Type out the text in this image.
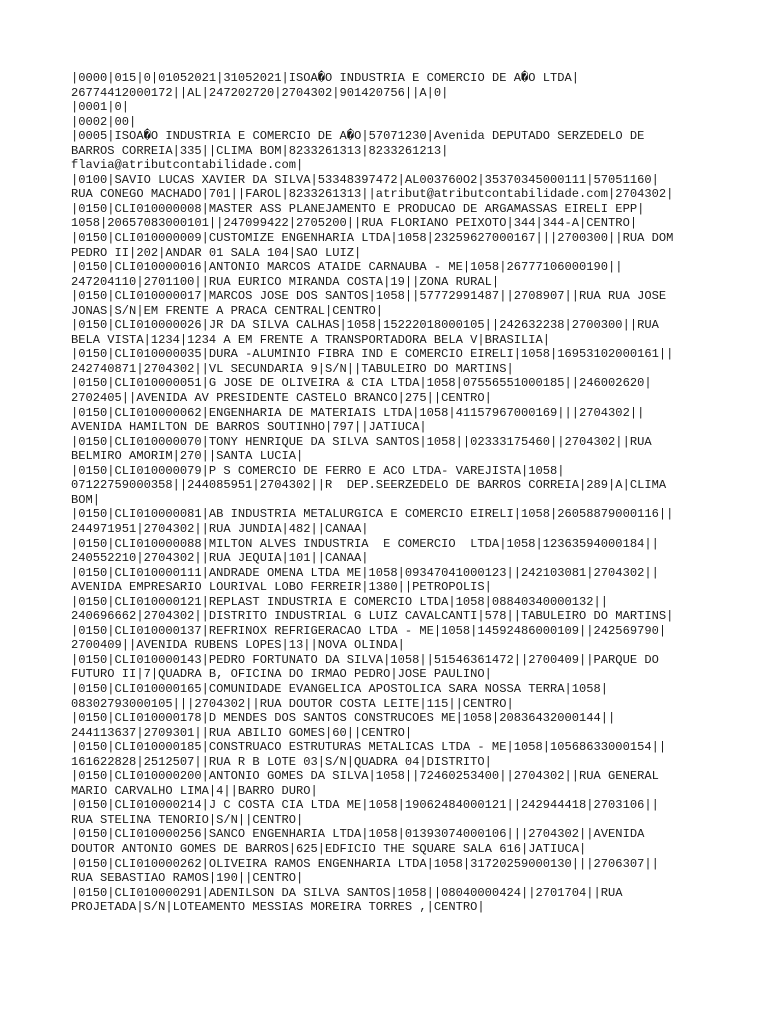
|0000|015|0|01052021|31052021|ISOA�O INDUSTRIA E COMERCIO DE A�O LTDA|
26774412000172||AL|247202720|2704302|901420756||A|0|
|0001|0|
|0002|00|
|0005|ISOA�O INDUSTRIA E COMERCIO DE A�O|57071230|Avenida DEPUTADO SERZEDELO DE
BARROS CORREIA|335||CLIMA BOM|8233261313|8233261213|
flavia@atributcontabilidade.com|
|0100|SAVIO LUCAS XAVIER DA SILVA|53348397472|AL003760O2|35370345000111|57051160|
RUA CONEGO MACHADO|701||FAROL|8233261313||atribut@atributcontabilidade.com|2704302|
|0150|CLI010000008|MASTER ASS PLANEJAMENTO E PRODUCAO DE ARGAMASSAS EIRELI EPP|
1058|20657083000101||247099422|2705200||RUA FLORIANO PEIXOTO|344|344-A|CENTRO|
|0150|CLI010000009|CUSTOMIZE ENGENHARIA LTDA|1058|23259627000167|||2700300||RUA DOM
PEDRO II|202|ANDAR 01 SALA 104|SAO LUIZ|
|0150|CLI010000016|ANTONIO MARCOS ATAIDE CARNAUBA - ME|1058|26777106000190||
247204110|2701100||RUA EURICO MIRANDA COSTA|19||ZONA RURAL|
|0150|CLI010000017|MARCOS JOSE DOS SANTOS|1058||57772991487||2708907||RUA RUA JOSE
JONAS|S/N|EM FRENTE A PRACA CENTRAL|CENTRO|
|0150|CLI010000026|JR DA SILVA CALHAS|1058|15222018000105||242632238|2700300||RUA
BELA VISTA|1234|1234 A EM FRENTE A TRANSPORTADORA BELA V|BRASILIA|
|0150|CLI010000035|DURA -ALUMINIO FIBRA IND E COMERCIO EIRELI|1058|16953102000161||
242740871|2704302||VL SECUNDARIA 9|S/N||TABULEIRO DO MARTINS|
|0150|CLI010000051|G JOSE DE OLIVEIRA & CIA LTDA|1058|07556551000185||246002620|
2702405||AVENIDA AV PRESIDENTE CASTELO BRANCO|275||CENTRO|
|0150|CLI010000062|ENGENHARIA DE MATERIAIS LTDA|1058|41157967000169|||2704302||
AVENIDA HAMILTON DE BARROS SOUTINHO|797||JATIUCA|
|0150|CLI010000070|TONY HENRIQUE DA SILVA SANTOS|1058||02333175460||2704302||RUA
BELMIRO AMORIM|270||SANTA LUCIA|
|0150|CLI010000079|P S COMERCIO DE FERRO E ACO LTDA- VAREJISTA|1058|
07122759000358||244085951|2704302||R  DEP.SEERZEDELO DE BARROS CORREIA|289|A|CLIMA
BOM|
|0150|CLI010000081|AB INDUSTRIA METALURGICA E COMERCIO EIRELI|1058|26058879000116||
244971951|2704302||RUA JUNDIA|482||CANAA|
|0150|CLI010000088|MILTON ALVES INDUSTRIA  E COMERCIO  LTDA|1058|12363594000184||
240552210|2704302||RUA JEQUIA|101||CANAA|
|0150|CLI010000111|ANDRADE OMENA LTDA ME|1058|09347041000123||242103081|2704302||
AVENIDA EMPRESARIO LOURIVAL LOBO FERREIR|1380||PETROPOLIS|
|0150|CLI010000121|REPLAST INDUSTRIA E COMERCIO LTDA|1058|08840340000132||
240696662|2704302||DISTRITO INDUSTRIAL G LUIZ CAVALCANTI|578||TABULEIRO DO MARTINS|
|0150|CLI010000137|REFRINOX REFRIGERACAO LTDA - ME|1058|14592486000109||242569790|
2700409||AVENIDA RUBENS LOPES|13||NOVA OLINDA|
|0150|CLI010000143|PEDRO FORTUNATO DA SILVA|1058||51546361472||2700409||PARQUE DO
FUTURO II|7|QUADRA B, OFICINA DO IRMAO PEDRO|JOSE PAULINO|
|0150|CLI010000165|COMUNIDADE EVANGELICA APOSTOLICA SARA NOSSA TERRA|1058|
08302793000105|||2704302||RUA DOUTOR COSTA LEITE|115||CENTRO|
|0150|CLI010000178|D MENDES DOS SANTOS CONSTRUCOES ME|1058|20836432000144||
244113637|2709301||RUA ABILIO GOMES|60||CENTRO|
|0150|CLI010000185|CONSTRUACO ESTRUTURAS METALICAS LTDA - ME|1058|10568633000154||
161622828|2512507||RUA R B LOTE 03|S/N|QUADRA 04|DISTRITO|
|0150|CLI010000200|ANTONIO GOMES DA SILVA|1058||72460253400||2704302||RUA GENERAL
MARIO CARVALHO LIMA|4||BARRO DURO|
|0150|CLI010000214|J C COSTA CIA LTDA ME|1058|19062484000121||242944418|2703106||
RUA STELINA TENORIO|S/N||CENTRO|
|0150|CLI010000256|SANCO ENGENHARIA LTDA|1058|01393074000106|||2704302||AVENIDA
DOUTOR ANTONIO GOMES DE BARROS|625|EDFICIO THE SQUARE SALA 616|JATIUCA|
|0150|CLI010000262|OLIVEIRA RAMOS ENGENHARIA LTDA|1058|31720259000130|||2706307||
RUA SEBASTIAO RAMOS|190||CENTRO|
|0150|CLI010000291|ADENILSON DA SILVA SANTOS|1058||08040000424||2701704||RUA
PROJETADA|S/N|LOTEAMENTO MESSIAS MOREIRA TORRES ,|CENTRO|
